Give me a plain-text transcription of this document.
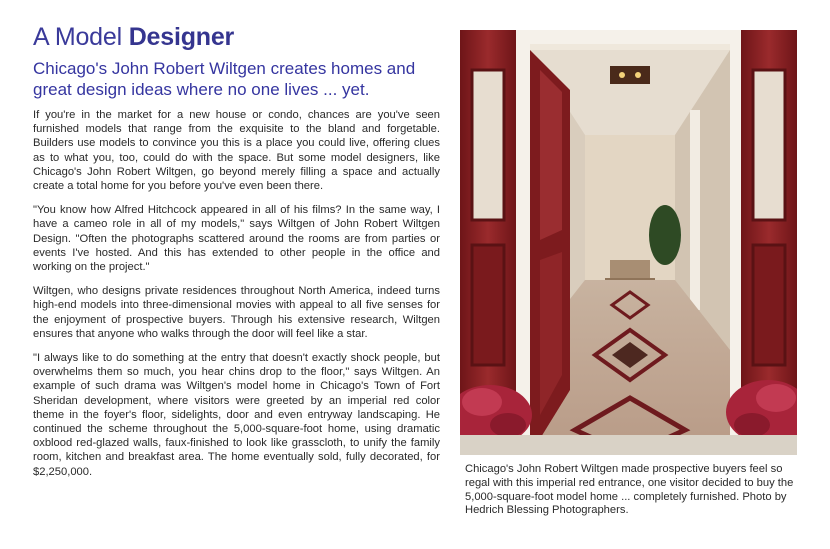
A Model Designer
Chicago's John Robert Wiltgen creates homes and great design ideas where no one lives ... yet.

If you're in the market for a new house or condo, chances are you've seen furnished models that range from the exquisite to the bland and forgetable. Builders use models to convince you this is a place you could live, offering clues as to what you, too, could do with the space. But some model designers, like Chicago's John Robert Wiltgen, go beyond merely filling a space and actually create a total home for you before you've even been there.

"You know how Alfred Hitchcock appeared in all of his films? In the same way, I have a cameo role in all of my models," says Wiltgen of John Robert Wiltgen Design. "Often the photographs scattered around the rooms are from parties or events I've hosted. And this has extended to other people in the office and working on the project."

Wiltgen, who designs private residences throughout North America, indeed turns high-end models into three-dimensional movies with appeal to all five senses for the enjoyment of prospective buyers. Through his extensive research, Wiltgen ensures that anyone who walks through the door will feel like a star.

"I always like to do something at the entry that doesn't exactly shock people, but overwhelms them so much, you hear chins drop to the floor," says Wiltgen. An example of such drama was Wiltgen's model home in Chicago's Town of Fort Sheridan development, where visitors were greeted by an imperial red color theme in the foyer's floor, sidelights, door and even entryway landscaping. He continued the scheme throughout the 5,000-square-foot home, using dramatic oxblood red-glazed walls, faux-finished to look like grasscloth, to unify the family room, kitchen and breakfast area. The home eventually sold, fully decorated, for $2,250,000.	Chicago's John Robert Wiltgen made prospective buyers feel so regal with this imperial red entrance, one visitor decided to buy the 5,000-square-foot model home ... completely furnished. Photo by Hedrich Blessing Photographers.
